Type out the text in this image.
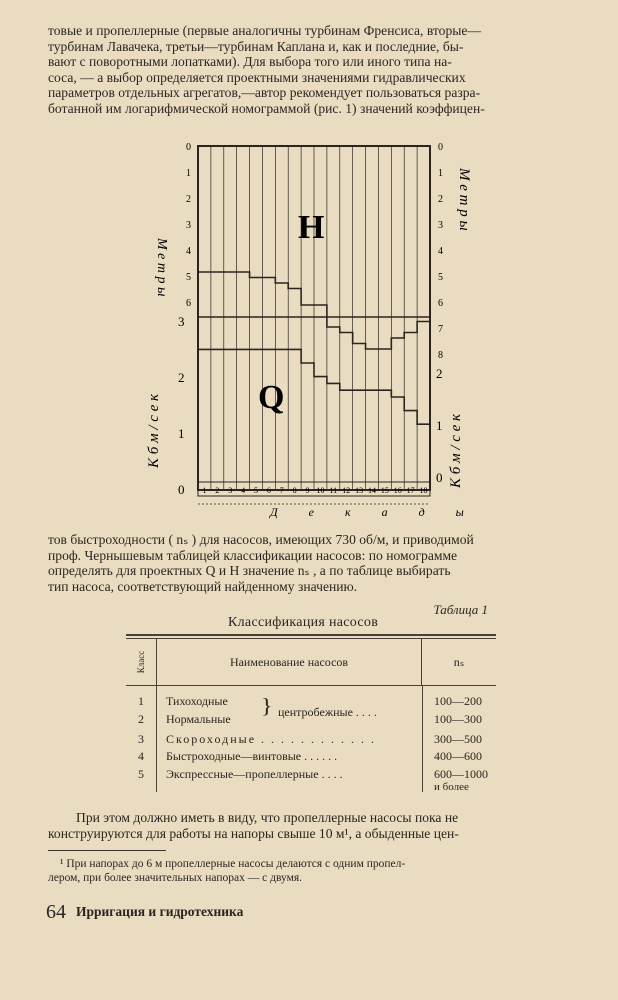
товые и пропеллерные (первые аналогичны турбинам Френсиса, вторые—
турбинам Лавачека, третьи—турбинам Каплана и, как и последние, бы-
вают с поворотными лопатками). Для выбора того или иного типа на-
соса, — а выбор определяется проектными значениями гидравлических
параметров отдельных агрегатов,—автор рекомендует пользоваться разра-
ботанной им логарифмической номограммой (рис. 1) значений коэффицен-
H
Q
0
1
2
3
4
5
6
3
2
1
0
0
1
2
3
4
5
6
7
8
2
1
0
М е т р ы
К б м / с е к
М е т р ы
К б м / с е к
1 2 3 4 5 6 7 8 9 10 11 12 13 14 15 16 17 18
Д е к а д ы
тов быстроходности ( nₛ ) для насосов, имеющих 730 об/м, и приводимой
проф. Чернышевым таблицей классификации насосов: по номограмме
определять для проектных Q и H значение nₛ , а по таблице выбирать
тип насоса, соответствующий найденному значению.
Таблица 1
Классификация насосов
Класс	Наименование насосов	nₛ
1	Тихоходные	100—200
2	Нормальные	100—300
} центробежные . . . .
3	Скороходные . . . . . . . . . . . .	300—500
4	Быстроходные—винтовые . . . . . .	400—600
5	Экспрессные—пропеллерные . . . .	600—1000
и более
При этом должно иметь в виду, что пропеллерные насосы пока не
конструируются для работы на напоры свыше 10 м¹, а обыденные цен-
¹ При напорах до 6 м пропеллерные насосы делаются с одним пропел-
лером, при более значительных напорах — с двумя.
64 Ирригация и гидротехника
